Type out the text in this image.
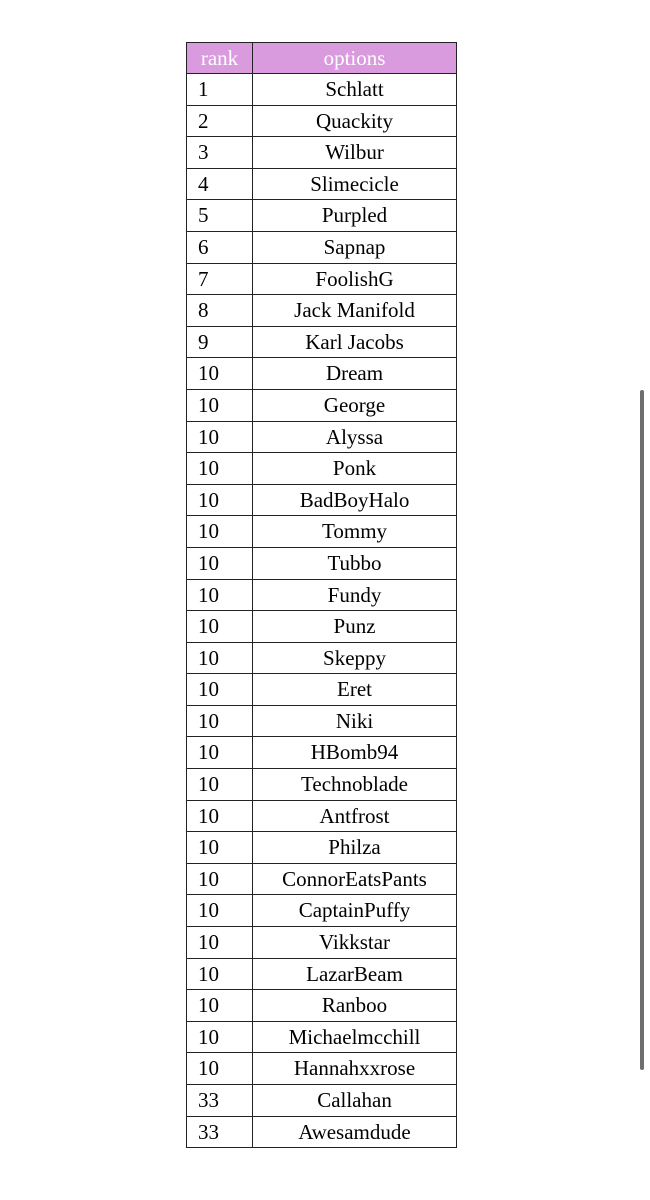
rank	options
1	Schlatt
2	Quackity
3	Wilbur
4	Slimecicle
5	Purpled
6	Sapnap
7	FoolishG
8	Jack Manifold
9	Karl Jacobs
10	Dream
10	George
10	Alyssa
10	Ponk
10	BadBoyHalo
10	Tommy
10	Tubbo
10	Fundy
10	Punz
10	Skeppy
10	Eret
10	Niki
10	HBomb94
10	Technoblade
10	Antfrost
10	Philza
10	ConnorEatsPants
10	CaptainPuffy
10	Vikkstar
10	LazarBeam
10	Ranboo
10	Michaelmcchill
10	Hannahxxrose
33	Callahan
33	Awesamdude
